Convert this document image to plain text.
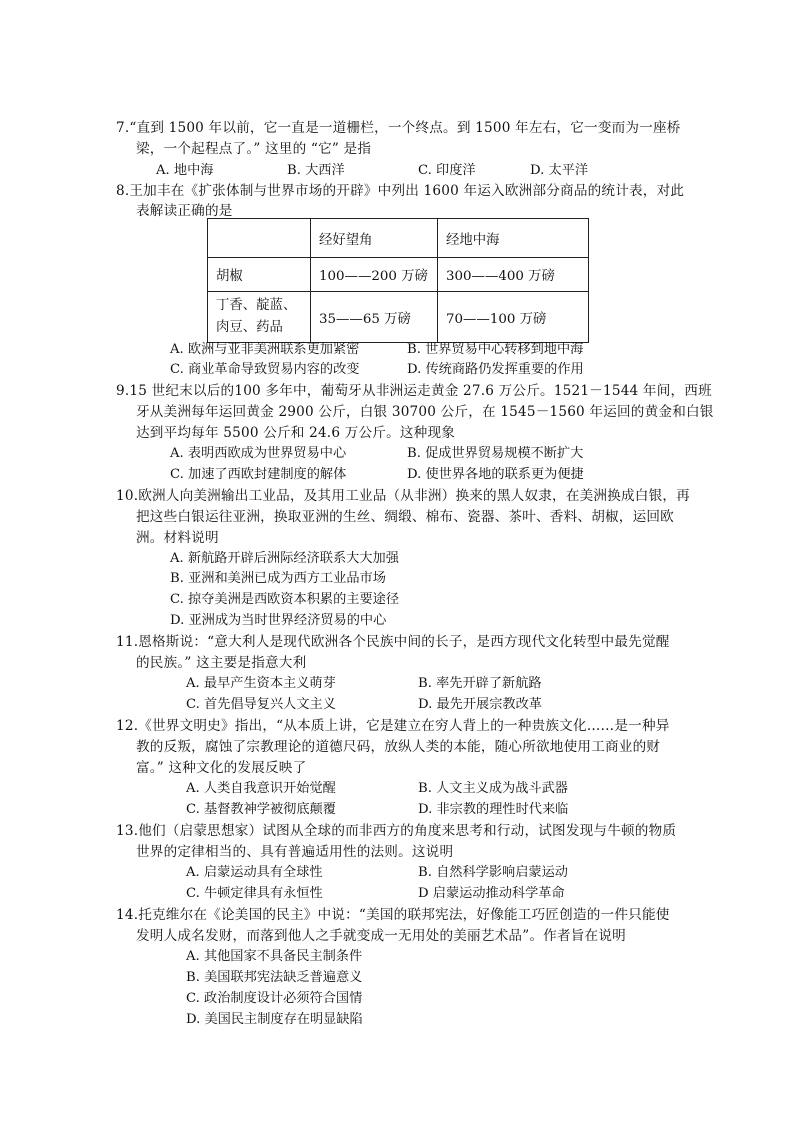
7.“直到 1500 年以前，它一直是一道栅栏，一个终点。到 1500 年左右，它一变而为一座桥
梁，一个起程点了。” 这里的 “它” 是指
A. 地中海	B. 大西洋	C. 印度洋	D. 太平洋
8.王加丰在《扩张体制与世界市场的开辟》中列出 1600 年运入欧洲部分商品的统计表，对此
表解读正确的是
	经好望角	经地中海
胡椒	100——200 万磅	300——400 万磅
丁香、靛蓝、肉豆、药品	35——65 万磅	70——100 万磅
A. 欧洲与亚非美洲联系更加紧密	B. 世界贸易中心转移到地中海
C. 商业革命导致贸易内容的改变	D. 传统商路仍发挥重要的作用
9.15 世纪末以后的100 多年中，葡萄牙从非洲运走黄金 27.6 万公斤。1521－1544 年间，西班
牙从美洲每年运回黄金 2900 公斤，白银 30700 公斤，在 1545－1560 年运回的黄金和白银
达到平均每年 5500 公斤和 24.6 万公斤。这种现象
A. 表明西欧成为世界贸易中心	B. 促成世界贸易规模不断扩大
C. 加速了西欧封建制度的解体	D. 使世界各地的联系更为便捷
10.欧洲人向美洲输出工业品，及其用工业品（从非洲）换来的黑人奴隶，在美洲换成白银，再
把这些白银运往亚洲，换取亚洲的生丝、绸缎、棉布、瓷器、茶叶、香料、胡椒，运回欧
洲。材料说明
A. 新航路开辟后洲际经济联系大大加强
B. 亚洲和美洲已成为西方工业品市场
C. 掠夺美洲是西欧资本积累的主要途径
D. 亚洲成为当时世界经济贸易的中心
11.恩格斯说：“意大利人是现代欧洲各个民族中间的长子，是西方现代文化转型中最先觉醒
的民族。” 这主要是指意大利
A. 最早产生资本主义萌芽	B. 率先开辟了新航路
C. 首先倡导复兴人文主义	D. 最先开展宗教改革
12.《世界文明史》指出，“从本质上讲，它是建立在穷人背上的一种贵族文化……是一种异
教的反叛，腐蚀了宗教理论的道德尺码，放纵人类的本能，随心所欲地使用工商业的财
富。” 这种文化的发展反映了
A. 人类自我意识开始觉醒	B. 人文主义成为战斗武器
C. 基督教神学被彻底颠覆	D. 非宗教的理性时代来临
13.他们（启蒙思想家）试图从全球的而非西方的角度来思考和行动，试图发现与牛顿的物质
世界的定律相当的、具有普遍适用性的法则。这说明
A. 启蒙运动具有全球性	B. 自然科学影响启蒙运动
C. 牛顿定律具有永恒性	D 启蒙运动推动科学革命
14.托克维尔在《论美国的民主》中说：“美国的联邦宪法，好像能工巧匠创造的一件只能使
发明人成名发财，而落到他人之手就变成一无用处的美丽艺术品”。作者旨在说明
A. 其他国家不具备民主制条件
B. 美国联邦宪法缺乏普遍意义
C. 政治制度设计必须符合国情
D. 美国民主制度存在明显缺陷
